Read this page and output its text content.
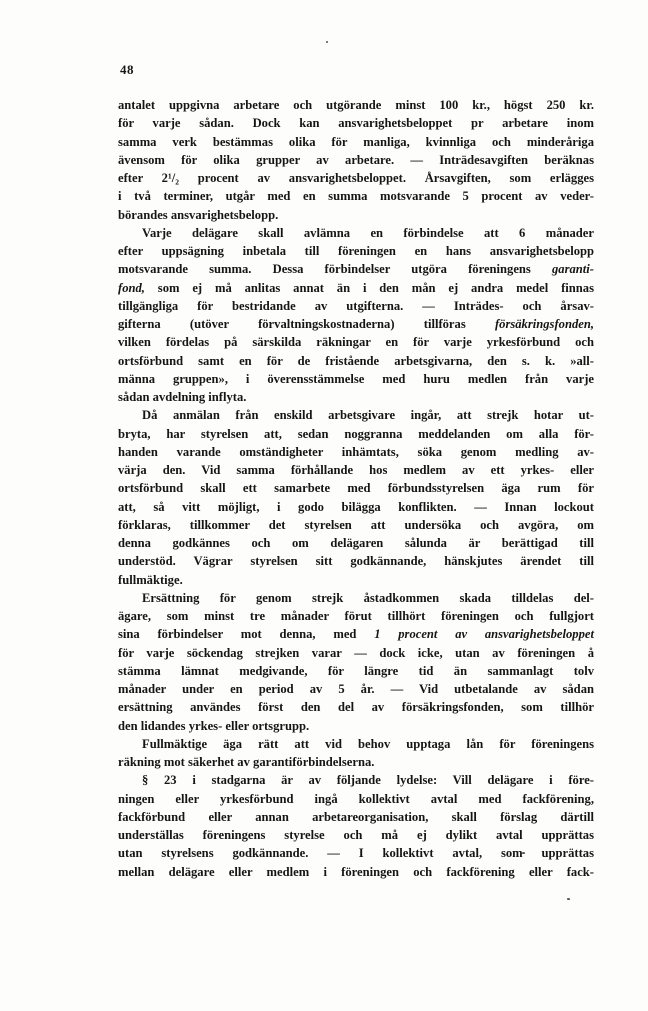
48
antalet uppgivna arbetare och utgörande minst 100 kr., högst 250 kr.
för varje sådan. Dock kan ansvarighetsbeloppet pr arbetare inom
samma verk bestämmas olika för manliga, kvinnliga och minderåriga
ävensom för olika grupper av arbetare. — Inträdesavgiften beräknas
efter 2¹/₂ procent av ansvarighetsbeloppet. Årsavgiften, som erlägges
i två terminer, utgår med en summa motsvarande 5 procent av veder-
börandes ansvarighetsbelopp.
Varje delägare skall avlämna en förbindelse att 6 månader
efter uppsägning inbetala till föreningen en hans ansvarighetsbelopp
motsvarande summa. Dessa förbindelser utgöra föreningens garanti-
fond, som ej må anlitas annat än i den mån ej andra medel finnas
tillgängliga för bestridande av utgifterna. — Inträdes- och årsav-
gifterna (utöver förvaltningskostnaderna) tillföras försäkringsfonden,
vilken fördelas på särskilda räkningar en för varje yrkesförbund och
ortsförbund samt en för de fristående arbetsgivarna, den s. k. »all-
männa gruppen», i överensstämmelse med huru medlen från varje
sådan avdelning inflyta.
Då anmälan från enskild arbetsgivare ingår, att strejk hotar ut-
bryta, har styrelsen att, sedan noggranna meddelanden om alla för-
handen varande omständigheter inhämtats, söka genom medling av-
värja den. Vid samma förhållande hos medlem av ett yrkes- eller
ortsförbund skall ett samarbete med förbundsstyrelsen äga rum för
att, så vitt möjligt, i godo bilägga konflikten. — Innan lockout
förklaras, tillkommer det styrelsen att undersöka och avgöra, om
denna godkännes och om delägaren sålunda är berättigad till
understöd. Vägrar styrelsen sitt godkännande, hänskjutes ärendet till
fullmäktige.
Ersättning för genom strejk åstadkommen skada tilldelas del-
ägare, som minst tre månader förut tillhört föreningen och fullgjort
sina förbindelser mot denna, med 1 procent av ansvarighetsbeloppet
för varje söckendag strejken varar — dock icke, utan av föreningen å
stämma lämnat medgivande, för längre tid än sammanlagt tolv
månader under en period av 5 år. — Vid utbetalande av sådan
ersättning användes först den del av försäkringsfonden, som tillhör
den lidandes yrkes- eller ortsgrupp.
Fullmäktige äga rätt att vid behov upptaga lån för föreningens
räkning mot säkerhet av garantiförbindelserna.
§ 23 i stadgarna är av följande lydelse: Vill delägare i före-
ningen eller yrkesförbund ingå kollektivt avtal med fackförening,
fackförbund eller annan arbetareorganisation, skall förslag därtill
underställas föreningens styrelse och må ej dylikt avtal upprättas
utan styrelsens godkännande. — I kollektivt avtal, som upprättas
mellan delägare eller medlem i föreningen och fackförening eller fack-
